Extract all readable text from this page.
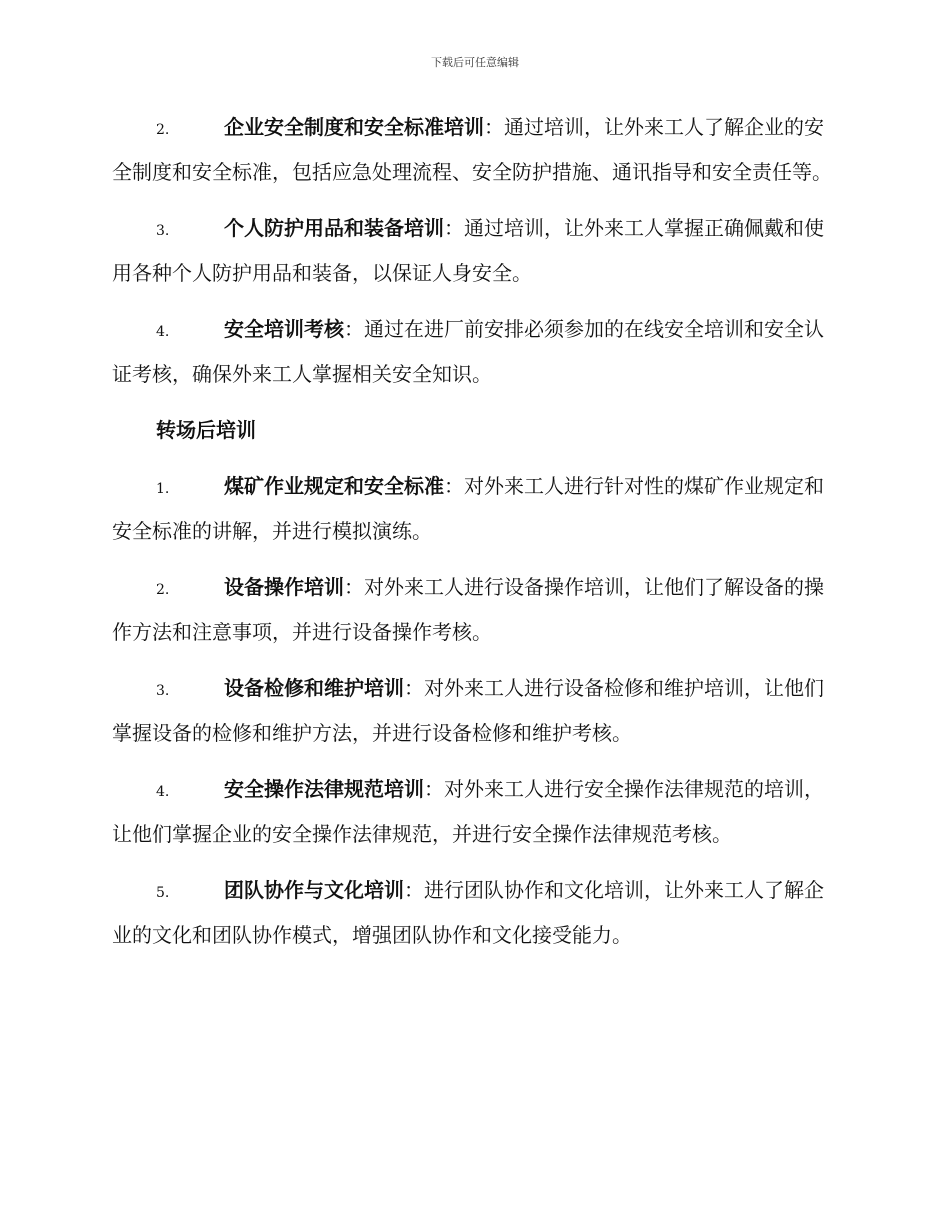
下载后可任意编辑

2.	企业安全制度和安全标准培训：通过培训，让外来工人了解企业的安全制度和安全标准，包括应急处理流程、安全防护措施、通讯指导和安全责任等。

3.	个人防护用品和装备培训：通过培训，让外来工人掌握正确佩戴和使用各种个人防护用品和装备，以保证人身安全。

4.	安全培训考核：通过在进厂前安排必须参加的在线安全培训和安全认证考核，确保外来工人掌握相关安全知识。

转场后培训

1.	煤矿作业规定和安全标准：对外来工人进行针对性的煤矿作业规定和安全标准的讲解，并进行模拟演练。

2.	设备操作培训：对外来工人进行设备操作培训，让他们了解设备的操作方法和注意事项，并进行设备操作考核。

3.	设备检修和维护培训：对外来工人进行设备检修和维护培训，让他们掌握设备的检修和维护方法，并进行设备检修和维护考核。

4.	安全操作法律规范培训：对外来工人进行安全操作法律规范的培训，让他们掌握企业的安全操作法律规范，并进行安全操作法律规范考核。

5.	团队协作与文化培训：进行团队协作和文化培训，让外来工人了解企业的文化和团队协作模式，增强团队协作和文化接受能力。
